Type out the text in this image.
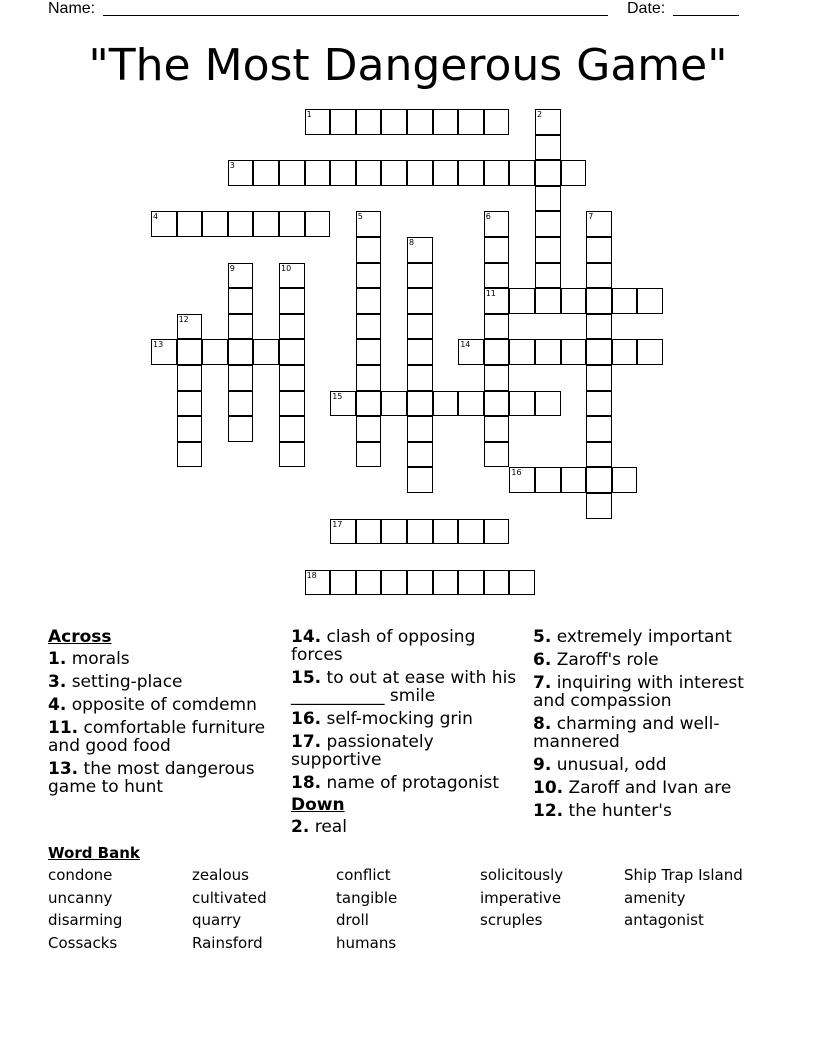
Name:	Date:
"The Most Dangerous Game"
1
3
4
11
13	14
15
16
17
18
2
5	6	7
8
9	10
12
Across
1. morals
3. setting-place
4. opposite of comdemn
11. comfortable furniture and good food
13. the most dangerous game to hunt
14. clash of opposing forces
15. to out at ease with his ___________ smile
16. self-mocking grin
17. passionately supportive
18. name of protagonist
Down
2. real
5. extremely important
6. Zaroff's role
7. inquiring with interest and compassion
8. charming and well-mannered
9. unusual, odd
10. Zaroff and Ivan are
12. the hunter's
Word Bank
condone	zealous	conflict	solicitously	Ship Trap Island
uncanny	cultivated	tangible	imperative	amenity
disarming	quarry	droll	scruples	antagonist
Cossacks	Rainsford	humans
